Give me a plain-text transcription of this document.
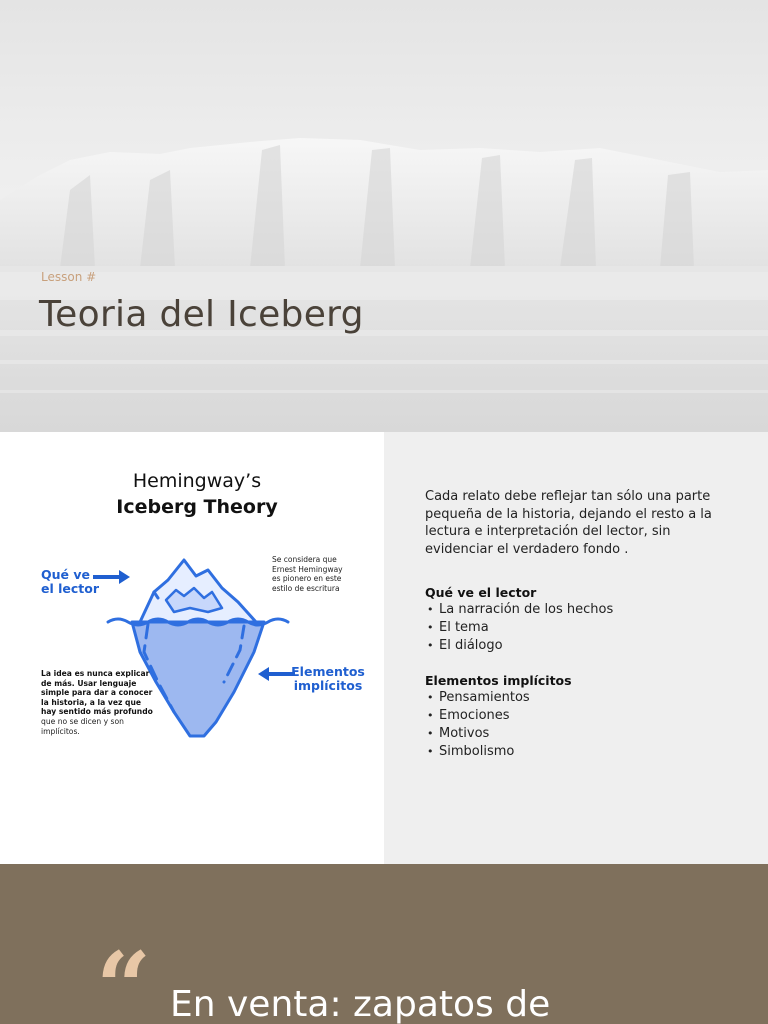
Lesson #
Teoria del Iceberg
Hemingway’s
Iceberg Theory
Qué ve
el lector
Se considera que
Ernest Hemingway
es pionero en este
estilo de escritura
Elementos
implícitos
La idea es nunca explicar de más. Usar lenguaje simple para dar a conocer la historia, a la vez que hay sentido más profundo que no se dicen y son implícitos.

Cada relato debe reflejar tan sólo una parte pequeña de la historia, dejando el resto a la lectura e interpretación del lector, sin evidenciar el verdadero fondo .

Qué ve el lector
• La narración de los hechos
• El tema
• El diálogo
Elementos implícitos
• Pensamientos
• Emociones
• Motivos
• Simbolismo
“ En venta: zapatos de
